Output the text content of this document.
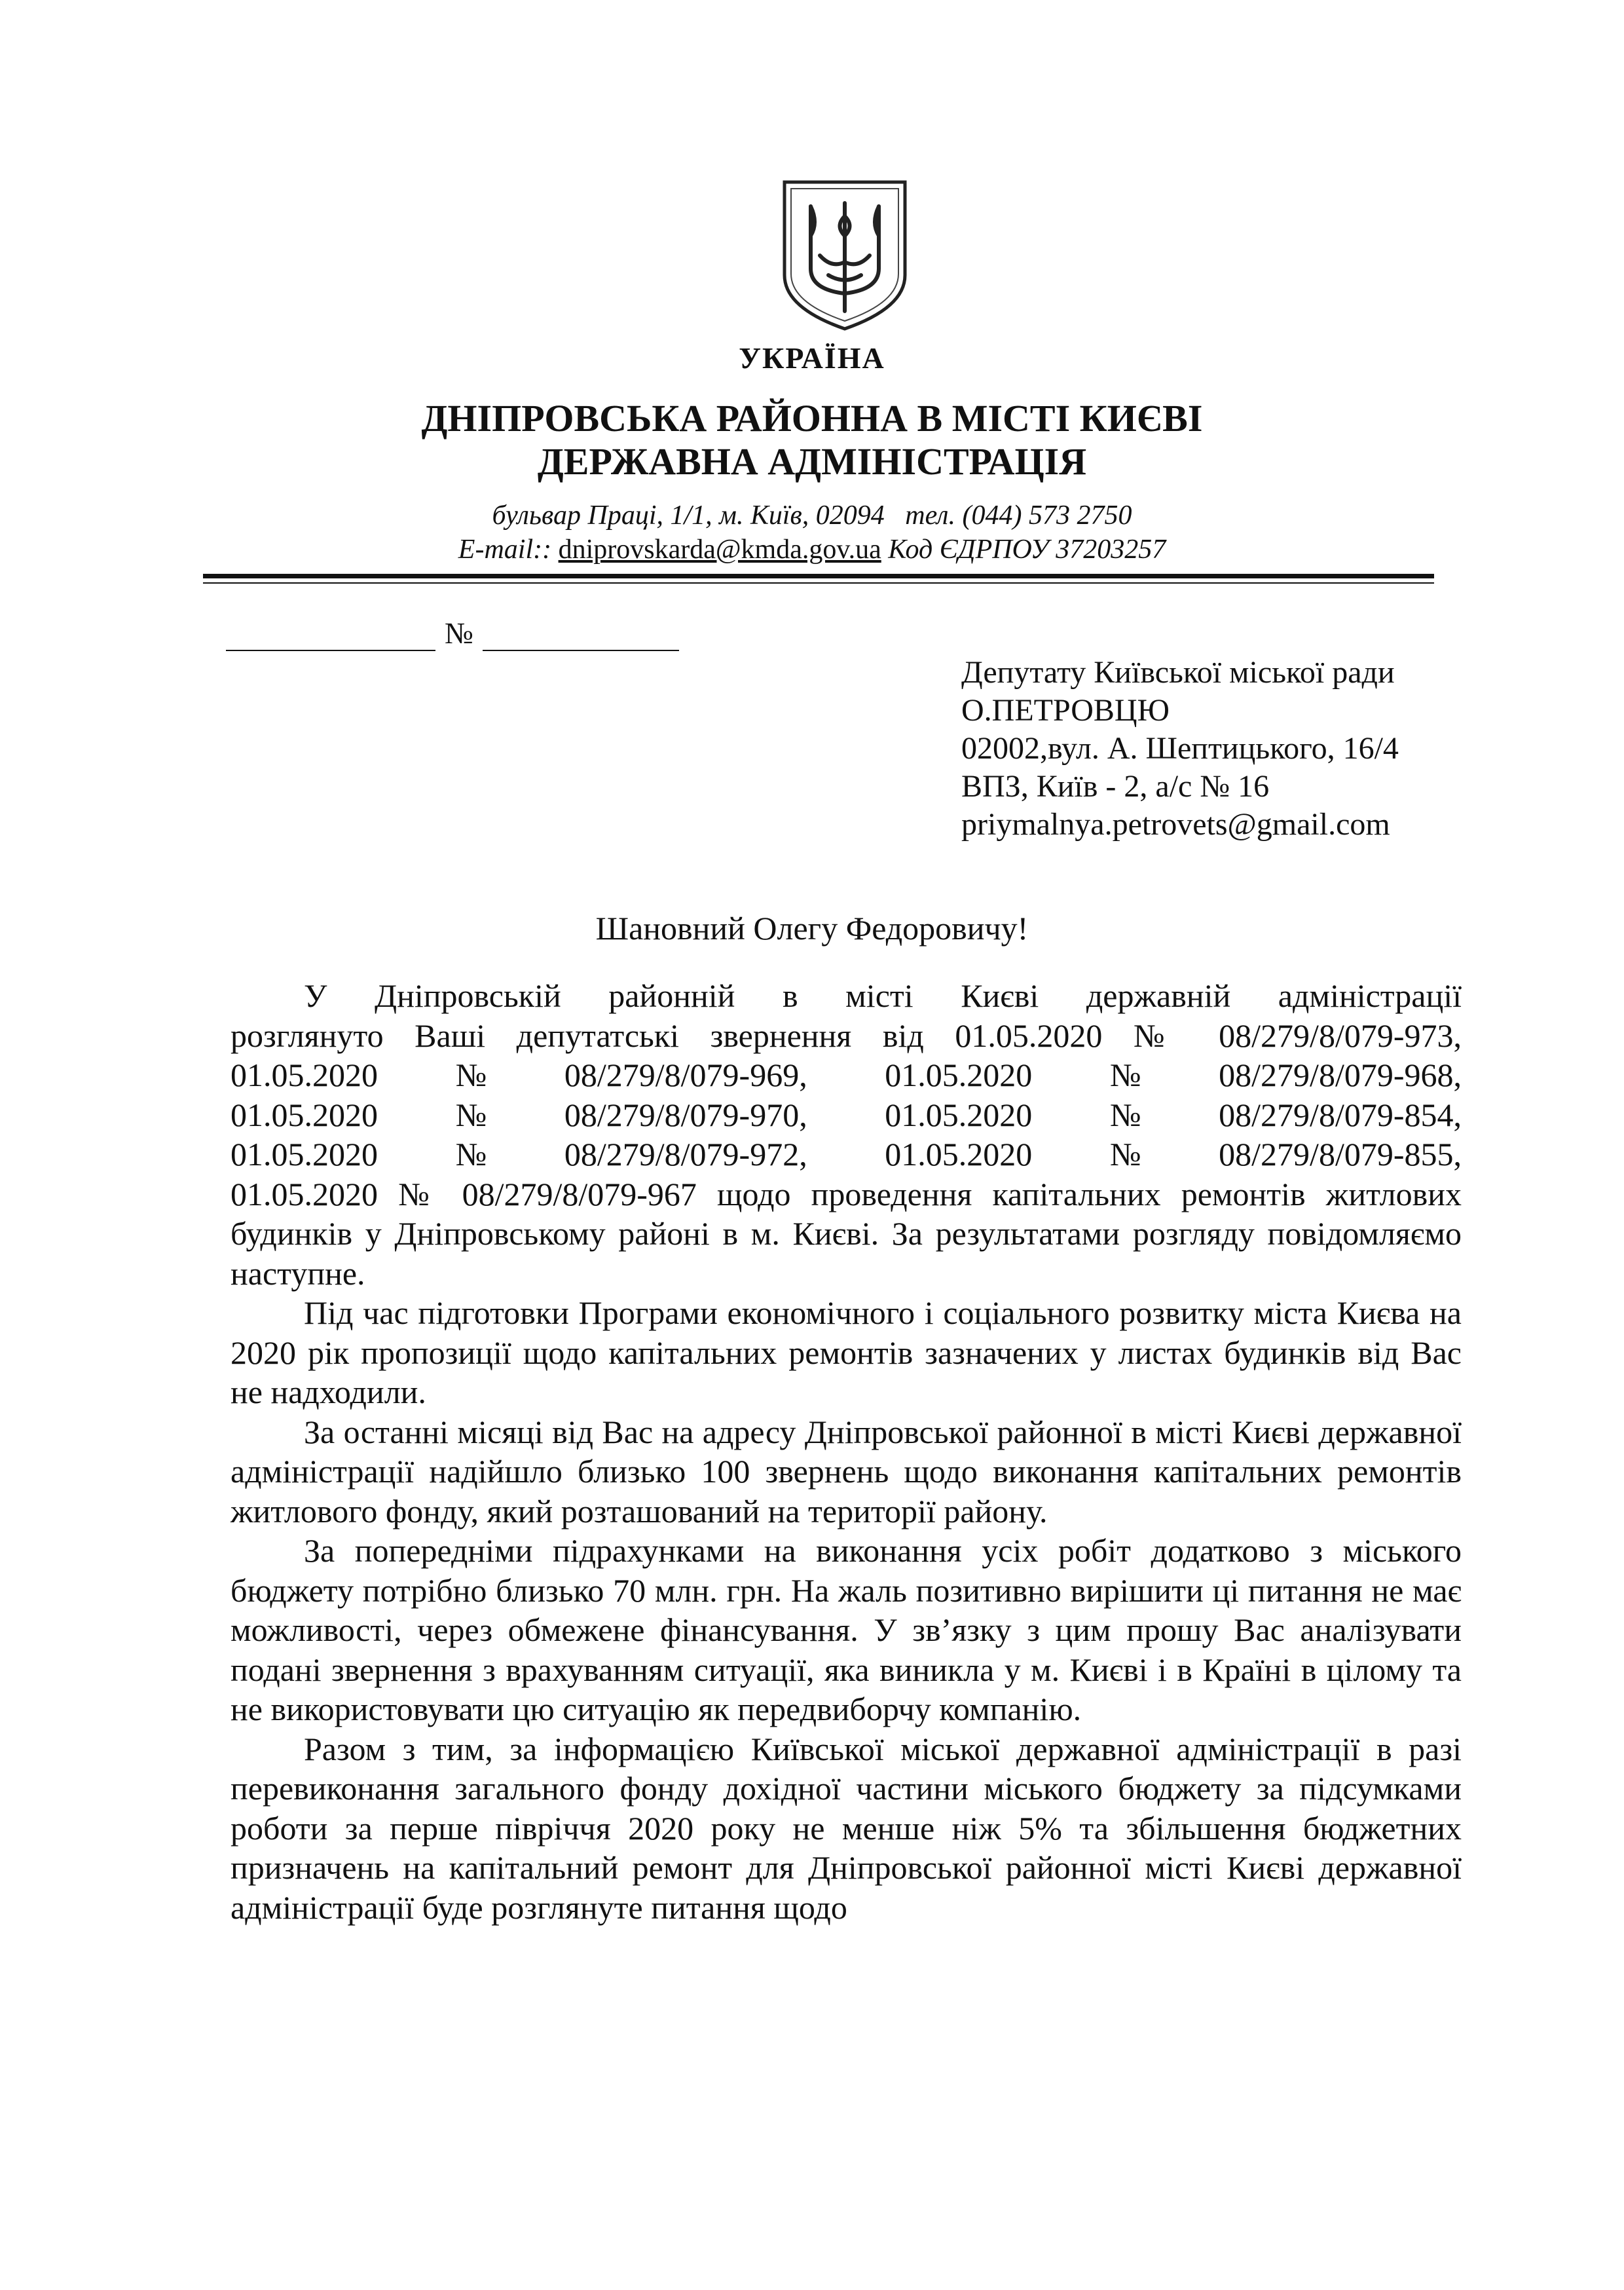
УКРАЇНА
ДНІПРОВСЬКА РАЙОННА В МІСТІ КИЄВІ
ДЕРЖАВНА АДМІНІСТРАЦІЯ
бульвар Праці, 1/1, м. Київ, 02094 тел. (044) 573 2750
E-mail:: dniprovskarda@kmda.gov.ua Код ЄДРПОУ 37203257
№
Депутату Київської міської ради
О.ПЕТРОВЦЮ
02002,вул. А. Шептицького, 16/4
ВПЗ, Київ - 2, а/с № 16
priymalnya.petrovets@gmail.com
Шановний Олегу Федоровичу!

У Дніпровській районній в місті Києві державній адміністрації

розглянуто Ваші депутатські звернення від 01.05.2020 № 08/279/8/079-973,

01.05.2020 № 08/279/8/079-969, 01.05.2020 № 08/279/8/079-968,
01.05.2020 № 08/279/8/079-970, 01.05.2020 № 08/279/8/079-854,
01.05.2020 № 08/279/8/079-972, 01.05.2020 № 08/279/8/079-855,

01.05.2020 № 08/279/8/079-967 щодо проведення капітальних ремонтів житлових будинків у Дніпровському районі в м. Києві. За результатами розгляду повідомляємо наступне.

Під час підготовки Програми економічного і соціального розвитку міста Києва на 2020 рік пропозиції щодо капітальних ремонтів зазначених у листах будинків від Вас не надходили.

За останні місяці від Вас на адресу Дніпровської районної в місті Києві державної адміністрації надійшло близько 100 звернень щодо виконання капітальних ремонтів житлового фонду, який розташований на території району.

За попередніми підрахунками на виконання усіх робіт додатково з міського бюджету потрібно близько 70 млн. грн. На жаль позитивно вирішити ці питання не має можливості, через обмежене фінансування. У зв’язку з цим прошу Вас аналізувати подані звернення з врахуванням ситуації, яка виникла у м. Києві і в Країні в цілому та не використовувати цю ситуацію як передвиборчу компанію.

Разом з тим, за інформацією Київської міської державної адміністрації в разі перевиконання загального фонду дохідної частини міського бюджету за підсумками роботи за перше півріччя 2020 року не менше ніж 5% та збільшення бюджетних призначень на капітальний ремонт для Дніпровської районної місті Києві державної адміністрації буде розглянуте питання щодо
